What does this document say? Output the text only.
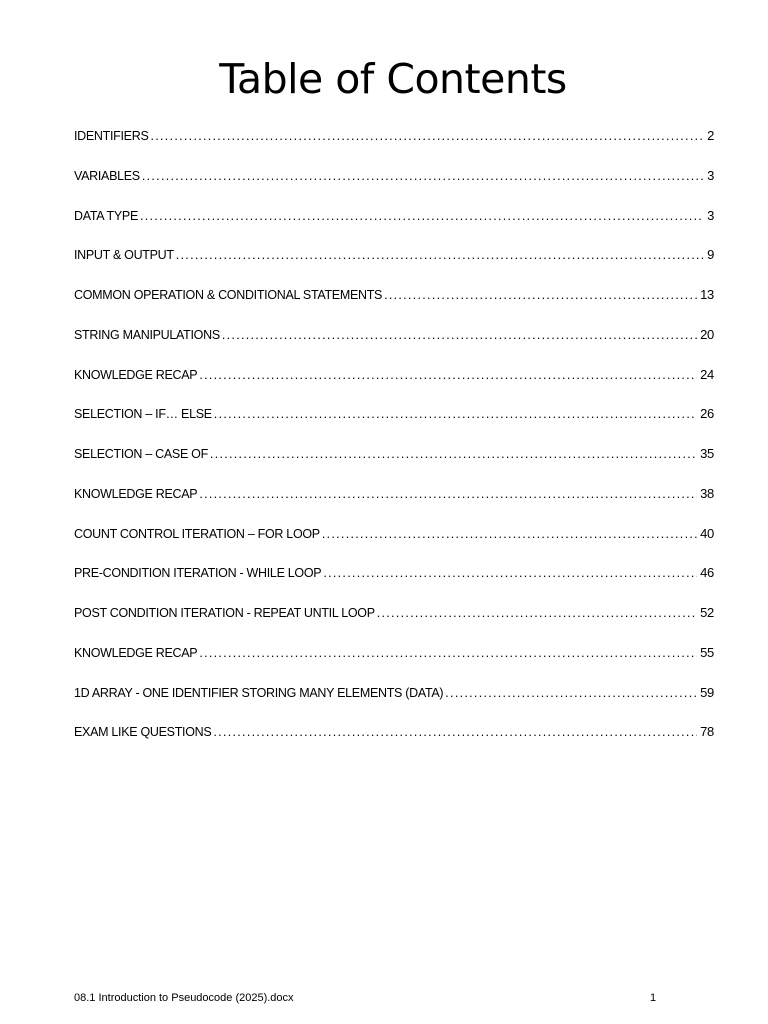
Table of Contents
IDENTIFIERS .....	2
VARIABLES .....	3
DATA TYPE .....	3
INPUT & OUTPUT .....	9
COMMON OPERATION & CONDITIONAL STATEMENTS .....	13
STRING MANIPULATIONS .....	20
KNOWLEDGE RECAP .....	24
SELECTION – IF… ELSE .....	26
SELECTION – CASE OF .....	35
KNOWLEDGE RECAP .....	38
COUNT CONTROL ITERATION – FOR LOOP .....	40
PRE-CONDITION ITERATION - WHILE LOOP .....	46
POST CONDITION ITERATION - REPEAT UNTIL LOOP .....	52
KNOWLEDGE RECAP .....	55
1D ARRAY - ONE IDENTIFIER STORING MANY ELEMENTS (DATA) .....	59
EXAM LIKE QUESTIONS .....	78
08.1 Introduction to Pseudocode (2025).docx	1
